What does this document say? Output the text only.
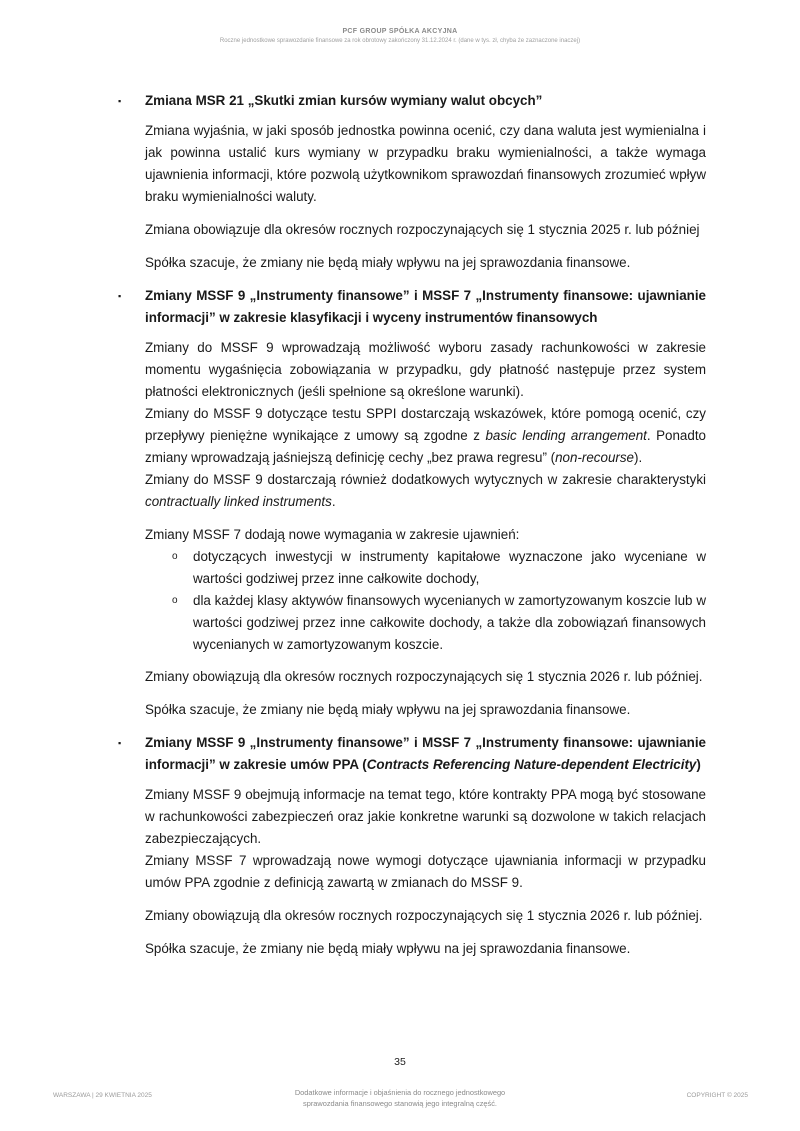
PCF GROUP SPÓŁKA AKCYJNA
Roczne jednostkowe sprawozdanie finansowe za rok obrotowy zakończony 31.12.2024 r. (dane w tys. zł, chyba że zaznaczone inaczej)
▪ Zmiana MSR 21 „Skutki zmian kursów wymiany walut obcych”

Zmiana wyjaśnia, w jaki sposób jednostka powinna ocenić, czy dana waluta jest wymienialna i jak powinna ustalić kurs wymiany w przypadku braku wymienialności, a także wymaga ujawnienia informacji, które pozwolą użytkownikom sprawozdań finansowych zrozumieć wpływ braku wymienialności waluty.

Zmiana obowiązuje dla okresów rocznych rozpoczynających się 1 stycznia 2025 r. lub później

Spółka szacuje, że zmiany nie będą miały wpływu na jej sprawozdania finansowe.

▪ Zmiany MSSF 9 „Instrumenty finansowe” i MSSF 7 „Instrumenty finansowe: ujawnianie informacji” w zakresie klasyfikacji i wyceny instrumentów finansowych

Zmiany do MSSF 9 wprowadzają możliwość wyboru zasady rachunkowości w zakresie momentu wygaśnięcia zobowiązania w przypadku, gdy płatność następuje przez system płatności elektronicznych (jeśli spełnione są określone warunki).

Zmiany do MSSF 9 dotyczące testu SPPI dostarczają wskazówek, które pomogą ocenić, czy przepływy pieniężne wynikające z umowy są zgodne z basic lending arrangement. Ponadto zmiany wprowadzają jaśniejszą definicję cechy „bez prawa regresu” (non-recourse).

Zmiany do MSSF 9 dostarczają również dodatkowych wytycznych w zakresie charakterystyki contractually linked instruments.

Zmiany MSSF 7 dodają nowe wymagania w zakresie ujawnień:

o dotyczących inwestycji w instrumenty kapitałowe wyznaczone jako wyceniane w wartości godziwej przez inne całkowite dochody,
o dla każdej klasy aktywów finansowych wycenianych w zamortyzowanym koszcie lub w wartości godziwej przez inne całkowite dochody, a także dla zobowiązań finansowych wycenianych w zamortyzowanym koszcie.

Zmiany obowiązują dla okresów rocznych rozpoczynających się 1 stycznia 2026 r. lub później.

Spółka szacuje, że zmiany nie będą miały wpływu na jej sprawozdania finansowe.

▪ Zmiany MSSF 9 „Instrumenty finansowe” i MSSF 7 „Instrumenty finansowe: ujawnianie informacji” w zakresie umów PPA (Contracts Referencing Nature-dependent Electricity)

Zmiany MSSF 9 obejmują informacje na temat tego, które kontrakty PPA mogą być stosowane w rachunkowości zabezpieczeń oraz jakie konkretne warunki są dozwolone w takich relacjach zabezpieczających.

Zmiany MSSF 7 wprowadzają nowe wymogi dotyczące ujawniania informacji w przypadku umów PPA zgodnie z definicją zawartą w zmianach do MSSF 9.

Zmiany obowiązują dla okresów rocznych rozpoczynających się 1 stycznia 2026 r. lub później.

Spółka szacuje, że zmiany nie będą miały wpływu na jej sprawozdania finansowe.

35
WARSZAWA | 29 KWIETNIA 2025	Dodatkowe informacje i objaśnienia do rocznego jednostkowego
sprawozdania finansowego stanowią jego integralną część.
COPYRIGHT © 2025
